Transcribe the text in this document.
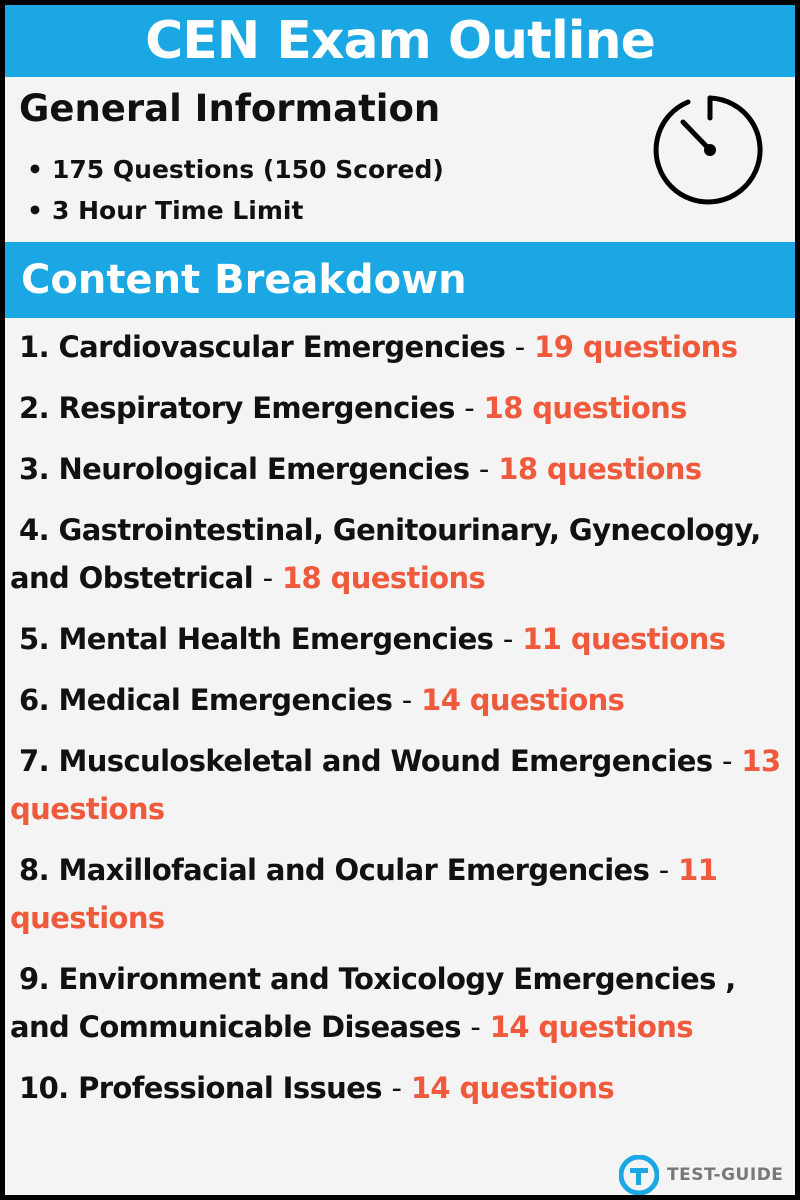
CEN Exam Outline
General Information
• 175 Questions (150 Scored)
• 3 Hour Time Limit
Content Breakdown
1. Cardiovascular Emergencies - 19 questions
2. Respiratory Emergencies - 18 questions
3. Neurological Emergencies - 18 questions
4. Gastrointestinal, Genitourinary, Gynecology, and Obstetrical - 18 questions
5. Mental Health Emergencies - 11 questions
6. Medical Emergencies - 14 questions
7. Musculoskeletal and Wound Emergencies - 13 questions
8. Maxillofacial and Ocular Emergencies - 11 questions
9. Environment and Toxicology Emergencies , and Communicable Diseases - 14 questions
10. Professional Issues - 14 questions
TEST-GUIDE
